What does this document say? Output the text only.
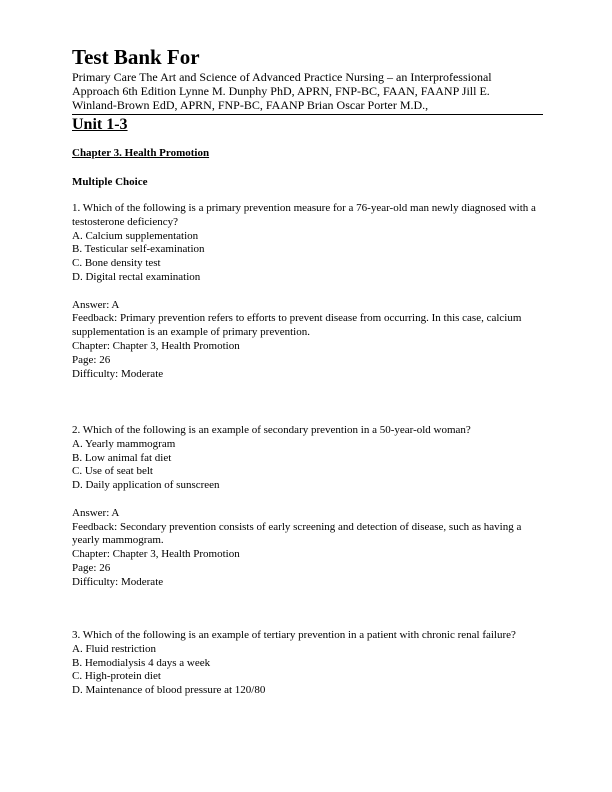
Test Bank For
Primary Care The Art and Science of Advanced Practice Nursing – an Interprofessional Approach 6th Edition Lynne M. Dunphy PhD, APRN, FNP-BC, FAAN, FAANP Jill E. Winland-Brown EdD, APRN, FNP-BC, FAANP Brian Oscar Porter M.D.,
Unit 1-3
Chapter 3. Health Promotion
Multiple Choice
1. Which of the following is a primary prevention measure for a 76-year-old man newly diagnosed with a testosterone deficiency?
A. Calcium supplementation
B. Testicular self-examination
C. Bone density test
D. Digital rectal examination
Answer: A
Feedback: Primary prevention refers to efforts to prevent disease from occurring. In this case, calcium supplementation is an example of primary prevention.
Chapter: Chapter 3, Health Promotion
Page: 26
Difficulty: Moderate
2. Which of the following is an example of secondary prevention in a 50-year-old woman?
A. Yearly mammogram
B. Low animal fat diet
C. Use of seat belt
D. Daily application of sunscreen
Answer: A
Feedback: Secondary prevention consists of early screening and detection of disease, such as having a yearly mammogram.
Chapter: Chapter 3, Health Promotion
Page: 26
Difficulty: Moderate
3. Which of the following is an example of tertiary prevention in a patient with chronic renal failure?
A. Fluid restriction
B. Hemodialysis 4 days a week
C. High-protein diet
D. Maintenance of blood pressure at 120/80
